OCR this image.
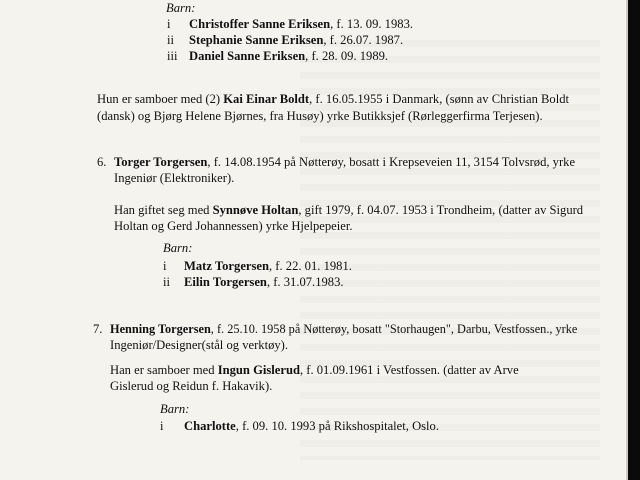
Barn:
i Christoffer Sanne Eriksen, f. 13. 09. 1983.
ii Stephanie Sanne Eriksen, f. 26.07. 1987.
iii Daniel Sanne Eriksen, f. 28. 09. 1989.
Hun er samboer med (2) Kai Einar Boldt, f. 16.05.1955 i Danmark, (sønn av Christian Boldt
(dansk) og Bjørg Helene Bjørnes, fra Husøy) yrke Butikksjef (Rørleggerfirma Terjesen).
6. Torger Torgersen, f. 14.08.1954 på Nøtterøy, bosatt i Krepseveien 11, 3154 Tolvsrød, yrke
Ingeniør (Elektroniker).
Han giftet seg med Synnøve Holtan, gift 1979, f. 04.07. 1953 i Trondheim, (datter av Sigurd
Holtan og Gerd Johannessen) yrke Hjelpepeier.
Barn:
i Matz Torgersen, f. 22. 01. 1981.
ii Eilin Torgersen, f. 31.07.1983.
7. Henning Torgersen, f. 25.10. 1958 på Nøtterøy, bosatt "Storhaugen", Darbu, Vestfossen., yrke
Ingeniør/Designer(stål og verktøy).
Han er samboer med Ingun Gislerud, f. 01.09.1961 i Vestfossen. (datter av Arve
Gislerud og Reidun f. Hakavik).
Barn:
i Charlotte, f. 09. 10. 1993 på Rikshospitalet, Oslo.
